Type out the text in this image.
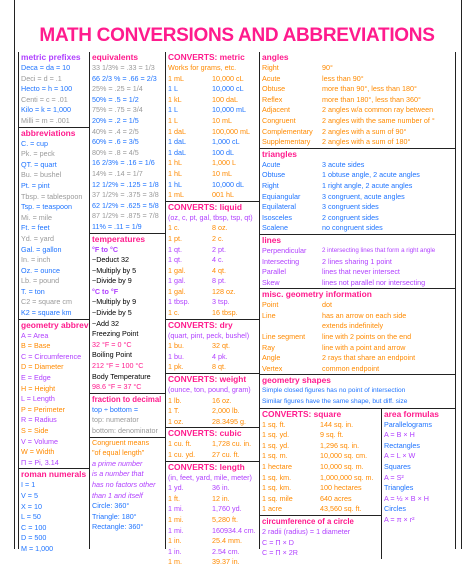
MATH CONVERSIONS AND ABBREVIATIONS
metric prefixes
Deca = da = 10
Deci = d = .1
Hecto = h = 100
Centi = c = .01
Kilo = k = 1,000
Milli = m = .001
abbreviations
C. = cup
Pk. = peck
QT. = quart
Bu. = bushel
Pt. = pint
Tbsp. = tablespoon
Tsp. = teaspoon
Mi. = mile
Ft. = feet
Yd. = yard
Gal. = gallon
In. = inch
Oz. = ounce
Lb. = pound
T. = ton
C2 = square cm
K2 = square km
geometry abbrev
A = Area
B = Base
C = Circumference
D = Diameter
E = Edge
H = Height
L = Length
P = Perimeter
R = Radius
S = Side
V = Volume
W = Width
Π = Pi, 3.14
roman numerals
I = 1
V = 5
X = 10
L = 50
C = 100
D = 500
M = 1,000
equivalents
33 1/3% = .33 = 1/3
66 2/3 % = .66 = 2/3
25% = .25 = 1/4
50% = .5 = 1/2
75% = .75 = 3/4
20% = .2 = 1/5
40% = .4 = 2/5
60% = .6 = 3/5
80% = .8 = 4/5
16 2/3% = .16 = 1/6
14% = .14 = 1/7
12 1/2% = .125 = 1/8
37 1/2% = .375 = 3/8
62 1/2% = .625 = 5/8
87 1/2% = .875 = 7/8
11% = .11 = 1/9
temperatures
°F to °C
~Deduct 32
~Multiply by 5
~Divide by 9
°C to °F
~Multiply by 9
~Divide by 5
~Add 32
Freezing Point
32 °F = 0 °C
Boiling Point
212 °F = 100 °C
Body Temperature
98.6 °F = 37 °C
fraction to decimal
top ÷ bottom =
top: numerator
bottom: denominator
Congruent means
"of equal length"
a prime number
is a number that
has no factors other
than 1 and itself
Circle: 360°
Triangle: 180°
Rectangle: 360°
CONVERTS: metric
Works for grams, etc.
1 mL	10,000 cL
1 L	10,000 cL
1 kL	100 daL
1 L	10,000 mL
1 L	10 mL
1 daL	100,000 mL
1 daL	1,000 cL
1 daL	100 dL
1 hL	1,000 L
1 hL	10 mL
1 hL	10,000 dL
1 mL	001 hL
CONVERTS: liquid
(oz, c, pt, gal, tbsp, tsp, qt)
1 c.	8 oz.
1 pt.	2 c.
1 qt.	2 pt.
1 qt.	4 c.
1 gal.	4 qt.
1 gal.	8 pt.
1 gal.	128 oz.
1 tbsp.	3 tsp.
1 c.	16 tbsp.
CONVERTS: dry
(quart, pint, peck, bushel)
1 bu.	32 qt.
1 bu.	4 pk.
1 pk.	8 qt.
CONVERTS: weight
(ounce, ton, pound, gram)
1 lb.	16 oz.
1 T.	2,000 lb.
1 oz.	28.3495 g.
CONVERTS: cubic
1 cu. ft.	1,728 cu. in.
1 cu. yd.	27 cu. ft.
CONVERTS: length
(in, feet, yard, mile, meter)
1 yd.	36 in.
1 ft.	12 in.
1 mi.	1,760 yd.
1 mi.	5,280 ft.
1 mi.	160934.4 cm.
1 in.	25.4 mm.
1 in.	2.54 cm.
1 m.	39.37 in.
angles
Right	90°
Acute	less than 90°
Obtuse	more than 90°, less than 180°
Reflex	more than 180°, less than 360°
Adjacent	2 angles w/a common ray between
Congruent	2 angles with the same number of °
Complementary	2 angles with a sum of 90°
Supplementary	2 angles with a sum of 180°
triangles
Acute	3 acute sides
Obtuse	1 obtuse angle, 2 acute angles
Right	1 right angle, 2 acute angles
Equiangular	3 congruent, acute angles
Equilateral	3 congruent sides
Isosceles	2 congruent sides
Scalene	no congruent sides
lines
Perpendicular	2 intersecting lines that form a right angle
Intersecting	2 lines sharing 1 point
Parallel	lines that never intersect
Skew	lines not parallel nor intersecting
misc. geometry information
Point	dot
Line	has an arrow on each side
extends indefinitely
Line segment	line with 2 points on the end
Ray	line with a point and arrow
Angle	2 rays that share an endpoint
Vertex	common endpoint
geometry shapes
Simple closed figures has no point of intersection
Similar figures have the same shape, but diff. size
CONVERTS: square
1 sq. ft.	144 sq. in.
1 sq. yd.	9 sq. ft.
1 sq. yd.	1,296 sq. in.
1 sq. m.	10,000 sq. cm.
1 hectare	10,000 sq. m.
1 sq. km.	1,000,000 sq. m.
1 sq. km.	100 hectares
1 sq. mile	640 acres
1 acre	43,560 sq. ft.
circumference of a circle
2 radii (radius) = 1 diameter
C = Π × D
C = Π × 2R
area formulas
Parallelograms
A = B × H
Rectangles
A = L × W
Squares
A = S²
Triangles
A = ½ × B × H
Circles
A = π × r²
